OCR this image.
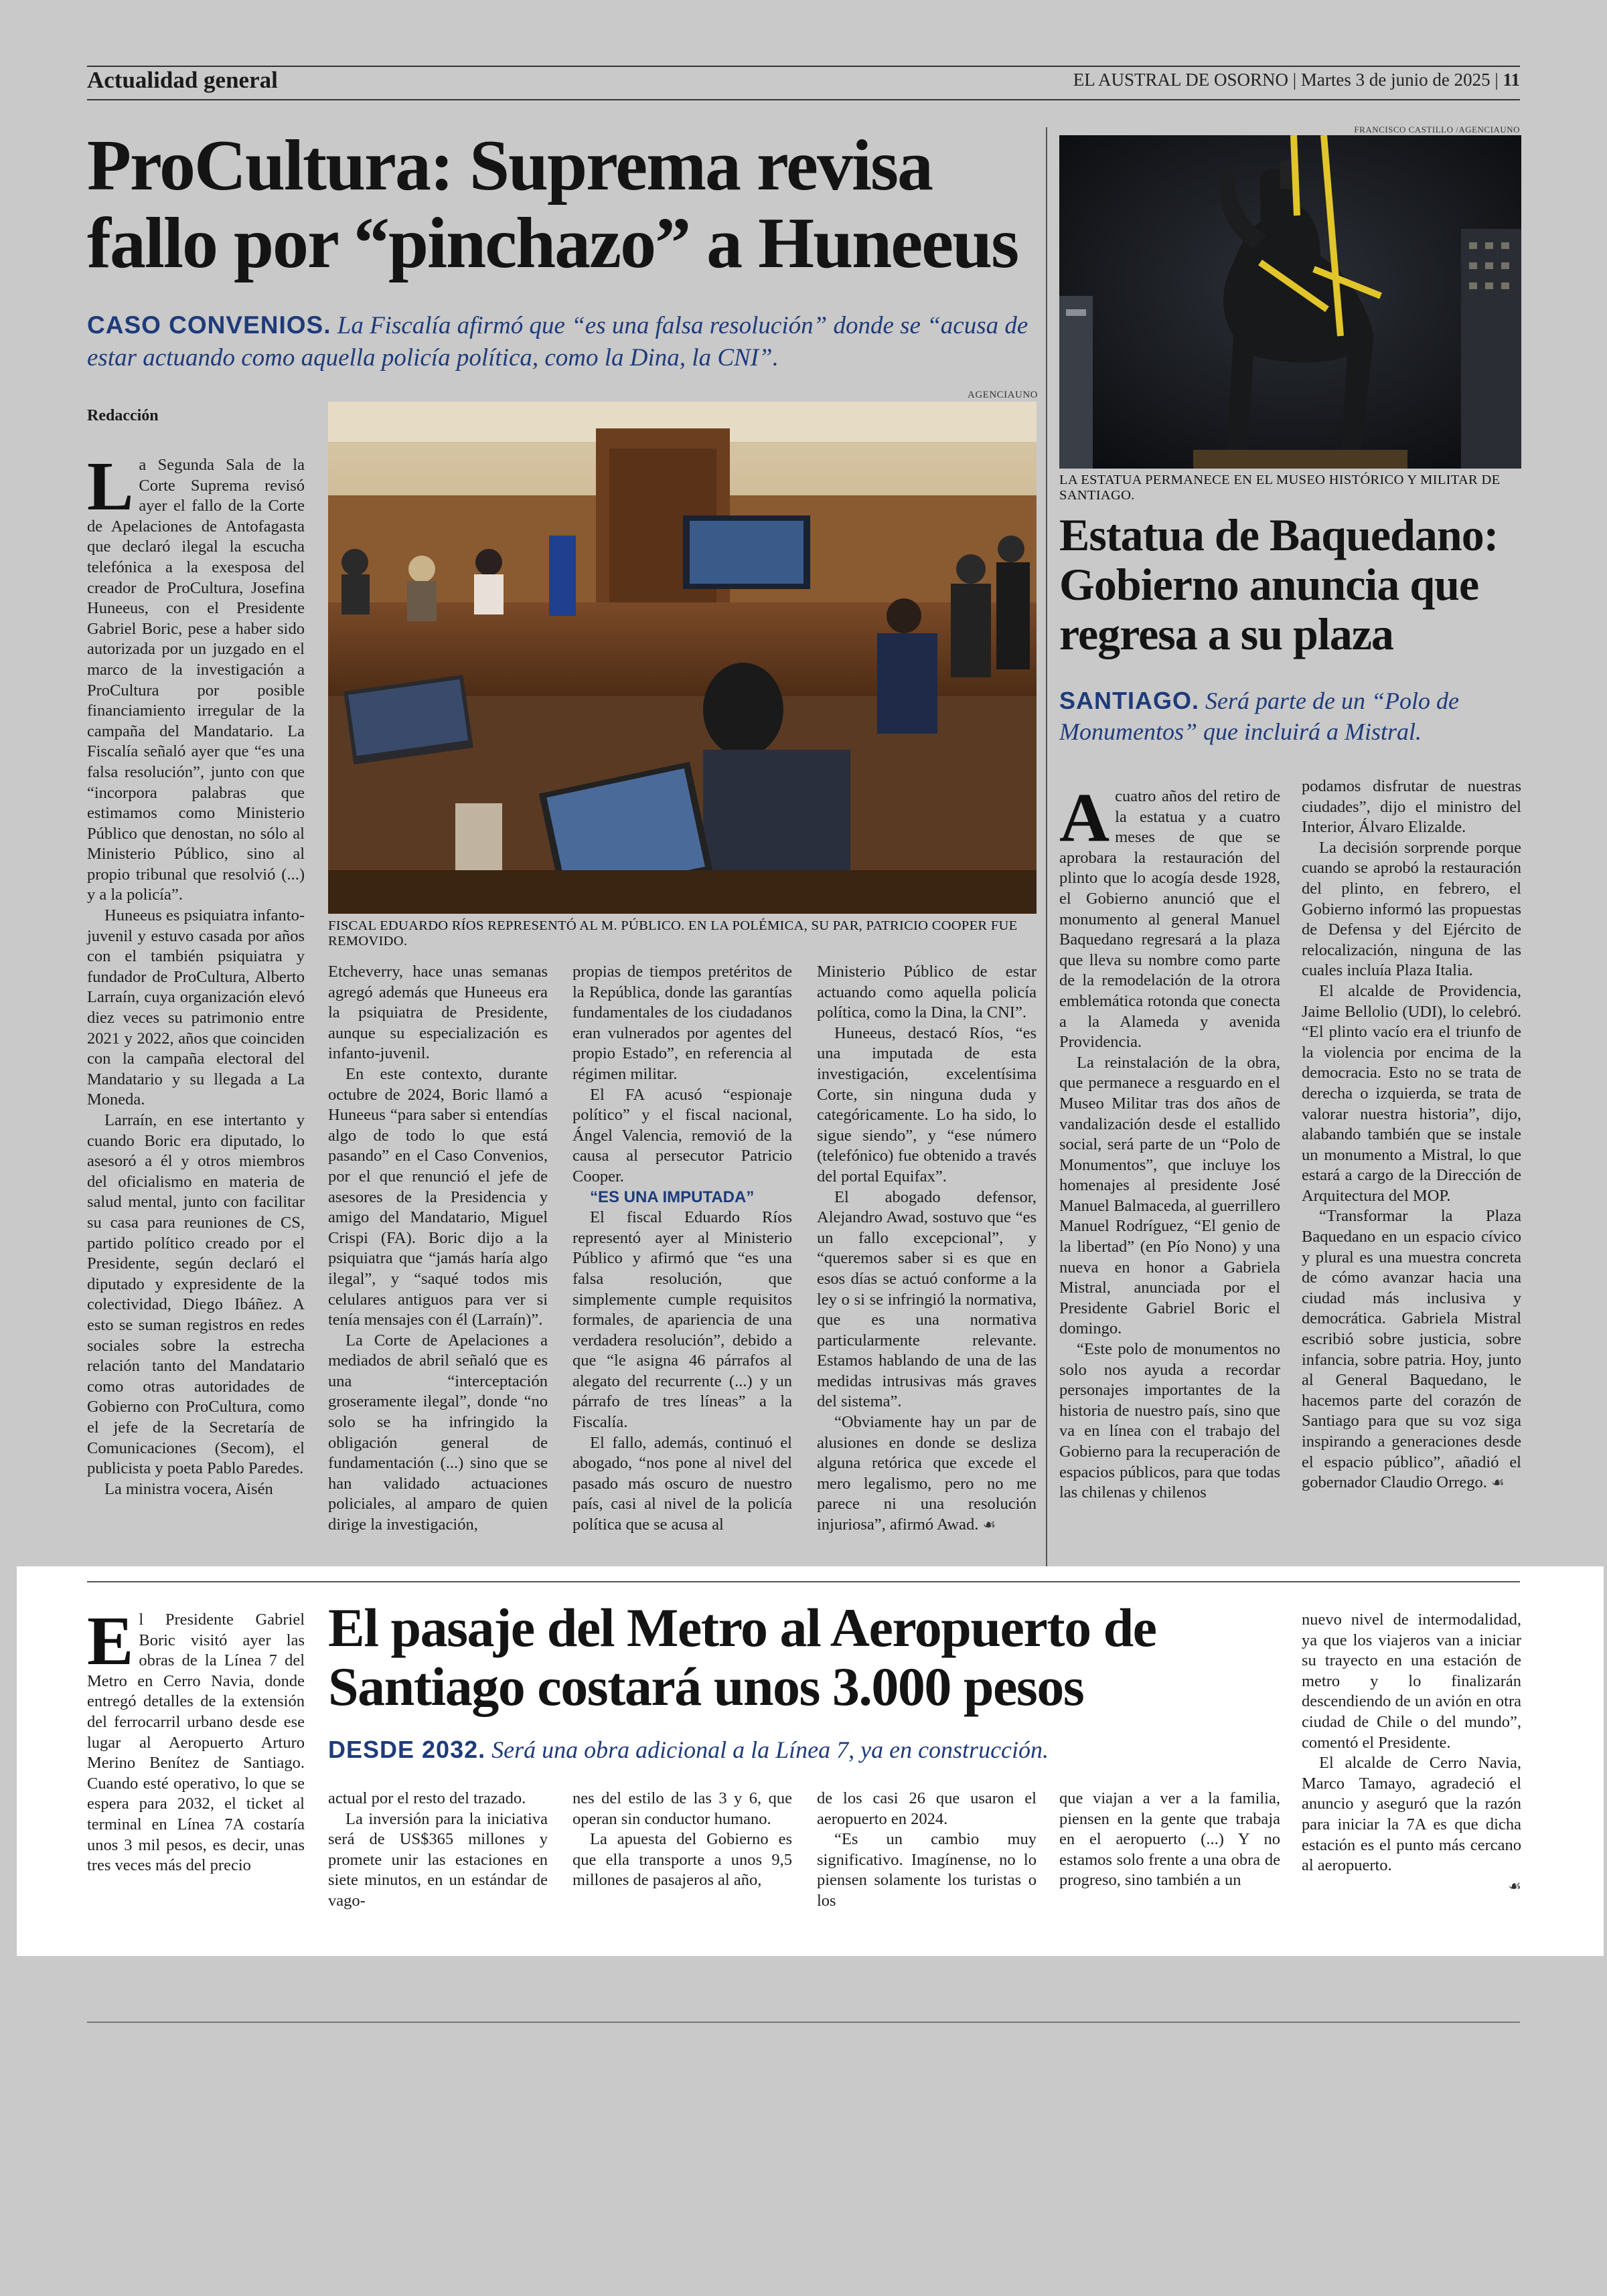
Actualidad general	EL AUSTRAL DE OSORNO | Martes 3 de junio de 2025 | 11
ProCultura: Suprema revisa fallo por “pinchazo” a Huneeus
CASO CONVENIOS. La Fiscalía afirmó que “es una falsa resolución” donde se “acusa de estar actuando como aquella policía política, como la Dina, la CNI”.
Redacción
AGENCIAUNO
FISCAL EDUARDO RÍOS REPRESENTÓ AL M. PÚBLICO. EN LA POLÉMICA, SU PAR, PATRICIO COOPER FUE REMOVIDO.

La Segunda Sala de la Corte Suprema revisó ayer el fallo de la Corte de Apelaciones de Antofagasta que declaró ilegal la escucha telefónica a la exesposa del creador de ProCultura, Josefina Huneeus, con el Presidente Gabriel Boric, pese a haber sido autorizada por un juzgado en el marco de la investigación a ProCultura por posible financiamiento irregular de la campaña del Mandatario. La Fiscalía señaló ayer que “es una falsa resolución”, junto con que “incorpora palabras que estimamos como Ministerio Público que denostan, no sólo al Ministerio Público, sino al propio tribunal que resolvió (...) y a la policía”.

Huneeus es psiquiatra infanto-juvenil y estuvo casada por años con el también psiquiatra y fundador de ProCultura, Alberto Larraín, cuya organización elevó diez veces su patrimonio entre 2021 y 2022, años que coinciden con la campaña electoral del Mandatario y su llegada a La Moneda.

Larraín, en ese intertanto y cuando Boric era diputado, lo asesoró a él y otros miembros del oficialismo en materia de salud mental, junto con facilitar su casa para reuniones de CS, partido político creado por el Presidente, según declaró el diputado y expresidente de la colectividad, Diego Ibáñez. A esto se suman registros en redes sociales sobre la estrecha relación tanto del Mandatario como otras autoridades de Gobierno con ProCultura, como el jefe de la Secretaría de Comunicaciones (Secom), el publicista y poeta Pablo Paredes.

La ministra vocera, Aisén

Etcheverry, hace unas semanas agregó además que Huneeus era la psiquiatra de Presidente, aunque su especialización es infanto-juvenil.

En este contexto, durante octubre de 2024, Boric llamó a Huneeus “para saber si entendías algo de todo lo que está pasando” en el Caso Convenios, por el que renunció el jefe de asesores de la Presidencia y amigo del Mandatario, Miguel Crispi (FA). Boric dijo a la psiquiatra que “jamás haría algo ilegal”, y “saqué todos mis celulares antiguos para ver si tenía mensajes con él (Larraín)”.

La Corte de Apelaciones a mediados de abril señaló que es una “interceptación groseramente ilegal”, donde “no solo se ha infringido la obligación general de fundamentación (...) sino que se han validado actuaciones policiales, al amparo de quien dirige la investigación,

propias de tiempos pretéritos de la República, donde las garantías fundamentales de los ciudadanos eran vulnerados por agentes del propio Estado”, en referencia al régimen militar.

El FA acusó “espionaje político” y el fiscal nacional, Ángel Valencia, removió de la causa al persecutor Patricio Cooper.

“ES UNA IMPUTADA”

El fiscal Eduardo Ríos representó ayer al Ministerio Público y afirmó que “es una falsa resolución, que simplemente cumple requisitos formales, de apariencia de una verdadera resolución”, debido a que “le asigna 46 párrafos al alegato del recurrente (...) y un párrafo de tres líneas” a la Fiscalía.

El fallo, además, continuó el abogado, “nos pone al nivel del pasado más oscuro de nuestro país, casi al nivel de la policía política que se acusa al

Ministerio Público de estar actuando como aquella policía política, como la Dina, la CNI”.

Huneeus, destacó Ríos, “es una imputada de esta investigación, excelentísima Corte, sin ninguna duda y categóricamente. Lo ha sido, lo sigue siendo”, y “ese número (telefónico) fue obtenido a través del portal Equifax”.

El abogado defensor, Alejandro Awad, sostuvo que “es un fallo excepcional”, y “queremos saber si es que en esos días se actuó conforme a la ley o si se infringió la normativa, que es una normativa particularmente relevante. Estamos hablando de una de las medidas intrusivas más graves del sistema”.

“Obviamente hay un par de alusiones en donde se desliza alguna retórica que excede el mero legalismo, pero no me parece ni una resolución injuriosa”, afirmó Awad. ☙

FRANCISCO CASTILLO /AGENCIAUNO
LA ESTATUA PERMANECE EN EL MUSEO HISTÓRICO Y MILITAR DE SANTIAGO.
Estatua de Baquedano: Gobierno anuncia que regresa a su plaza
SANTIAGO. Será parte de un “Polo de Monumentos” que incluirá a Mistral.

Acuatro años del retiro de la estatua y a cuatro meses de que se aprobara la restauración del plinto que lo acogía desde 1928, el Gobierno anunció que el monumento al general Manuel Baquedano regresará a la plaza que lleva su nombre como parte de la remodelación de la otrora emblemática rotonda que conecta a la Alameda y avenida Providencia.

La reinstalación de la obra, que permanece a resguardo en el Museo Militar tras dos años de vandalización desde el estallido social, será parte de un “Polo de Monumentos”, que incluye los homenajes al presidente José Manuel Balmaceda, al guerrillero Manuel Rodríguez, “El genio de la libertad” (en Pío Nono) y una nueva en honor a Gabriela Mistral, anunciada por el Presidente Gabriel Boric el domingo.

“Este polo de monumentos no solo nos ayuda a recordar personajes importantes de la historia de nuestro país, sino que va en línea con el trabajo del Gobierno para la recuperación de espacios públicos, para que todas las chilenas y chilenos

podamos disfrutar de nuestras ciudades”, dijo el ministro del Interior, Álvaro Elizalde.

La decisión sorprende porque cuando se aprobó la restauración del plinto, en febrero, el Gobierno informó las propuestas de Defensa y del Ejército de relocalización, ninguna de las cuales incluía Plaza Italia.

El alcalde de Providencia, Jaime Bellolio (UDI), lo celebró. “El plinto vacío era el triunfo de la violencia por encima de la democracia. Esto no se trata de derecha o izquierda, se trata de valorar nuestra historia”, dijo, alabando también que se instale un monumento a Mistral, lo que estará a cargo de la Dirección de Arquitectura del MOP.

“Transformar la Plaza Baquedano en un espacio cívico y plural es una muestra concreta de cómo avanzar hacia una ciudad más inclusiva y democrática. Gabriela Mistral escribió sobre justicia, sobre infancia, sobre patria. Hoy, junto al General Baquedano, le hacemos parte del corazón de Santiago para que su voz siga inspirando a generaciones desde el espacio público”, añadió el gobernador Claudio Orrego. ☙

El Presidente Gabriel Boric visitó ayer las obras de la Línea 7 del Metro en Cerro Navia, donde entregó detalles de la extensión del ferrocarril urbano desde ese lugar al Aeropuerto Arturo Merino Benítez de Santiago. Cuando esté operativo, lo que se espera para 2032, el ticket al terminal en Línea 7A costaría unos 3 mil pesos, es decir, unas tres veces más del precio

El pasaje del Metro al Aeropuerto de Santiago costará unos 3.000 pesos
DESDE 2032. Será una obra adicional a la Línea 7, ya en construcción.

actual por el resto del trazado.

La inversión para la iniciativa será de US$365 millones y promete unir las estaciones en siete minutos, en un estándar de vago-

nes del estilo de las 3 y 6, que operan sin conductor humano.

La apuesta del Gobierno es que ella transporte a unos 9,5 millones de pasajeros al año,

de los casi 26 que usaron el aeropuerto en 2024.

“Es un cambio muy significativo. Imagínense, no lo piensen solamente los turistas o los

que viajan a ver a la familia, piensen en la gente que trabaja en el aeropuerto (...) Y no estamos solo frente a una obra de progreso, sino también a un

nuevo nivel de intermodalidad, ya que los viajeros van a iniciar su trayecto en una estación de metro y lo finalizarán descendiendo de un avión en otra ciudad de Chile o del mundo”, comentó el Presidente.

El alcalde de Cerro Navia, Marco Tamayo, agradeció el anuncio y aseguró que la razón para iniciar la 7A es que dicha estación es el punto más cercano al aeropuerto.

☙
